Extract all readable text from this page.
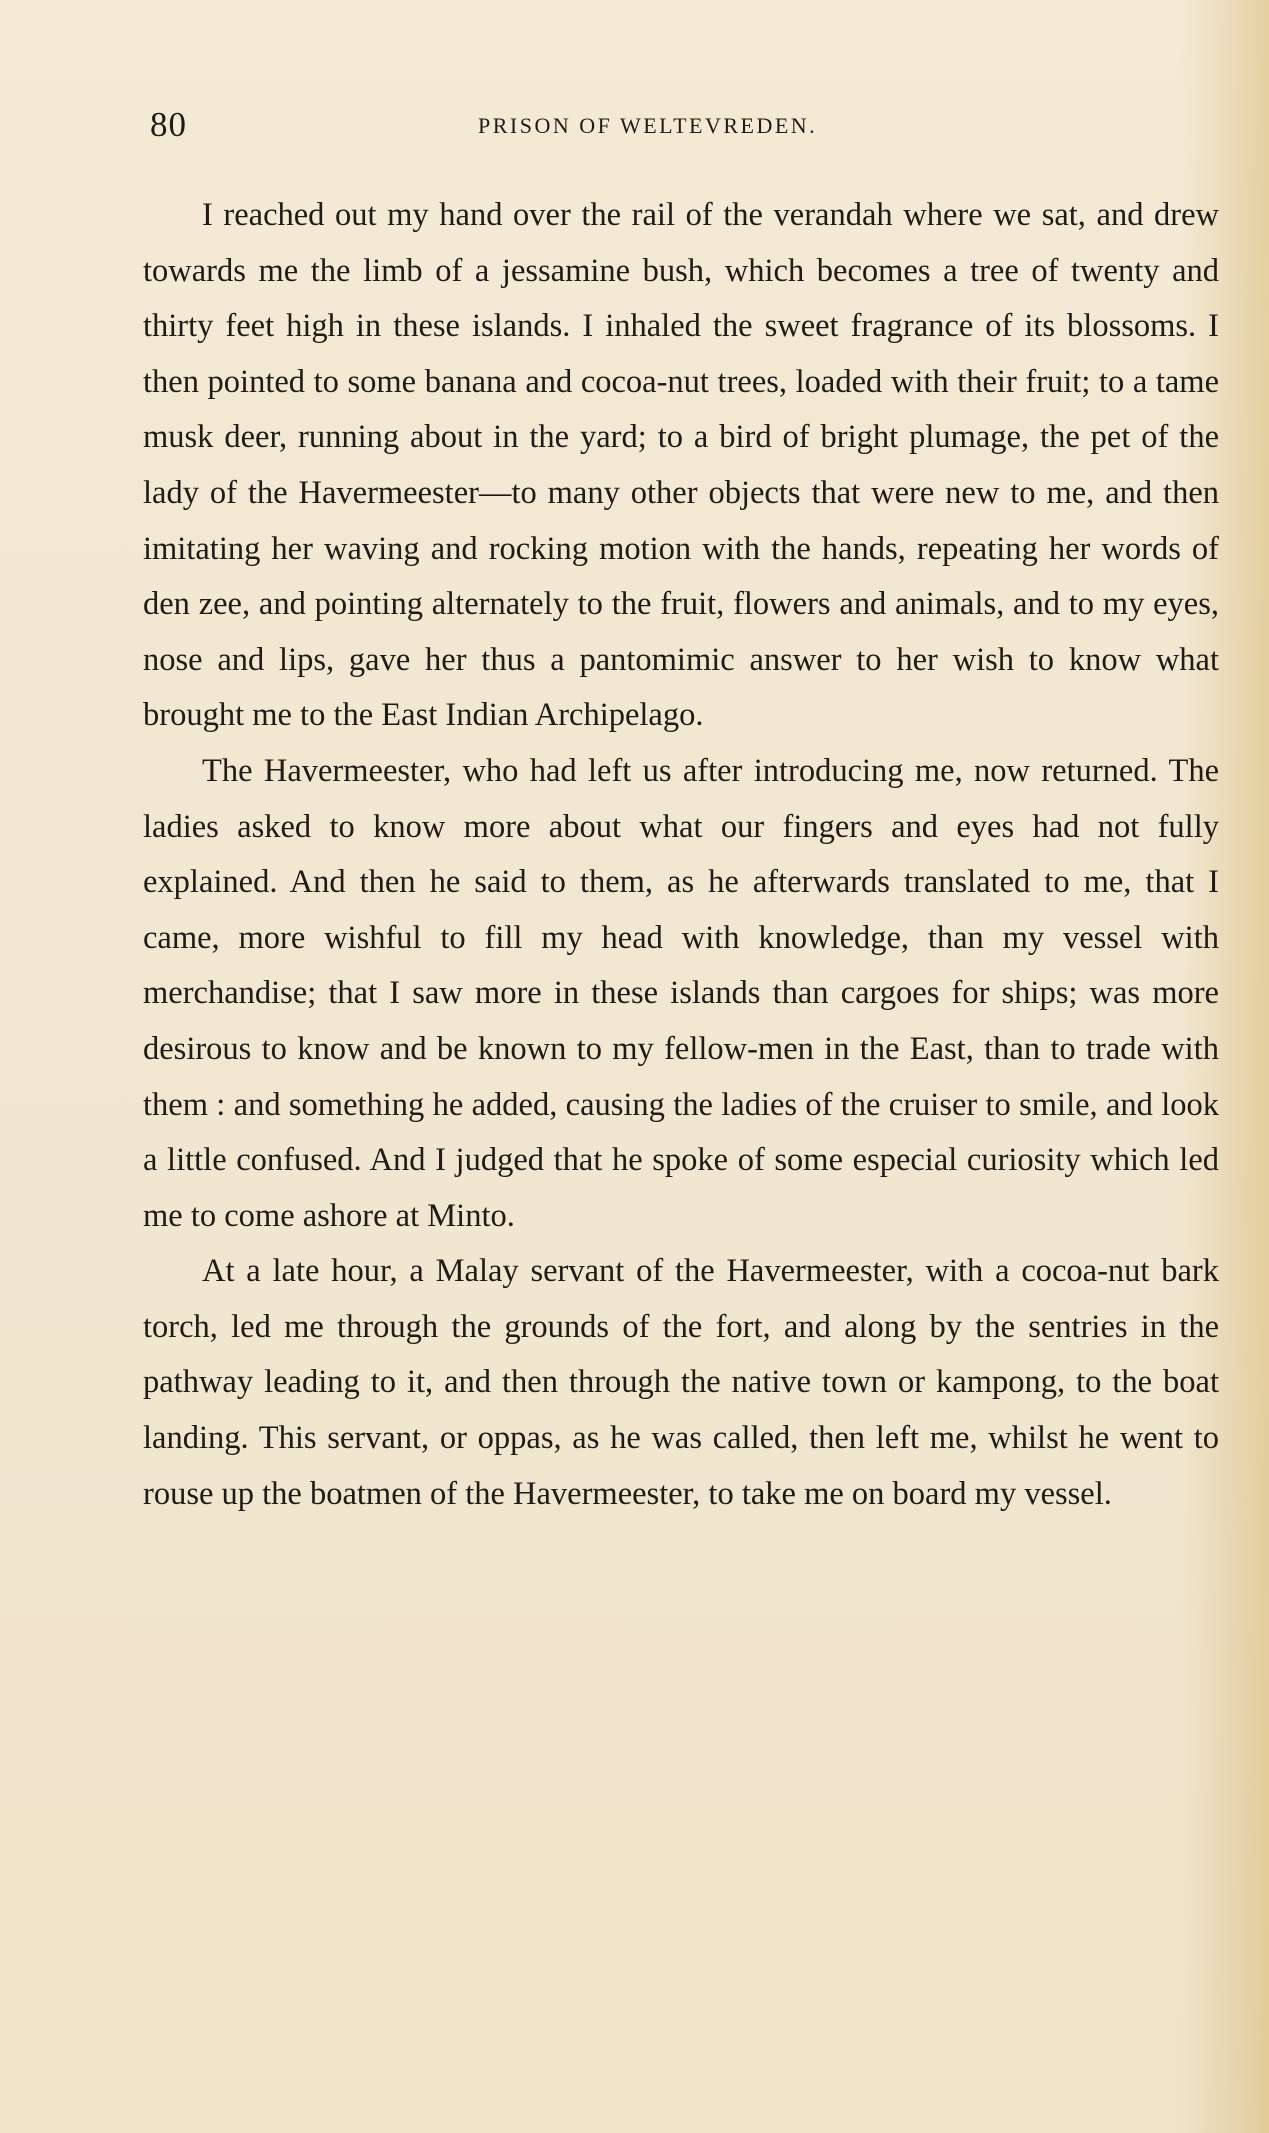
80	PRISON OF WELTEVREDEN.

I reached out my hand over the rail of the verandah where we sat, and drew towards me the limb of a jessamine bush, which becomes a tree of twenty and thirty feet high in these islands. I inhaled the sweet fragrance of its blossoms. I then pointed to some banana and cocoa-nut trees, loaded with their fruit; to a tame musk deer, running about in the yard; to a bird of bright plumage, the pet of the lady of the Havermeester—to many other objects that were new to me, and then imitating her waving and rocking motion with the hands, repeating her words of den zee, and pointing alternately to the fruit, flowers and animals, and to my eyes, nose and lips, gave her thus a pantomimic answer to her wish to know what brought me to the East Indian Archipelago.

The Havermeester, who had left us after introducing me, now returned. The ladies asked to know more about what our fingers and eyes had not fully explained. And then he said to them, as he afterwards translated to me, that I came, more wishful to fill my head with knowledge, than my vessel with merchandise; that I saw more in these islands than cargoes for ships; was more desirous to know and be known to my fellow-men in the East, than to trade with them : and something he added, causing the ladies of the cruiser to smile, and look a little confused. And I judged that he spoke of some especial curiosity which led me to come ashore at Minto.

At a late hour, a Malay servant of the Havermeester, with a cocoa-nut bark torch, led me through the grounds of the fort, and along by the sentries in the pathway leading to it, and then through the native town or kampong, to the boat landing. This servant, or oppas, as he was called, then left me, whilst he went to rouse up the boatmen of the Havermeester, to take me on board my vessel.
